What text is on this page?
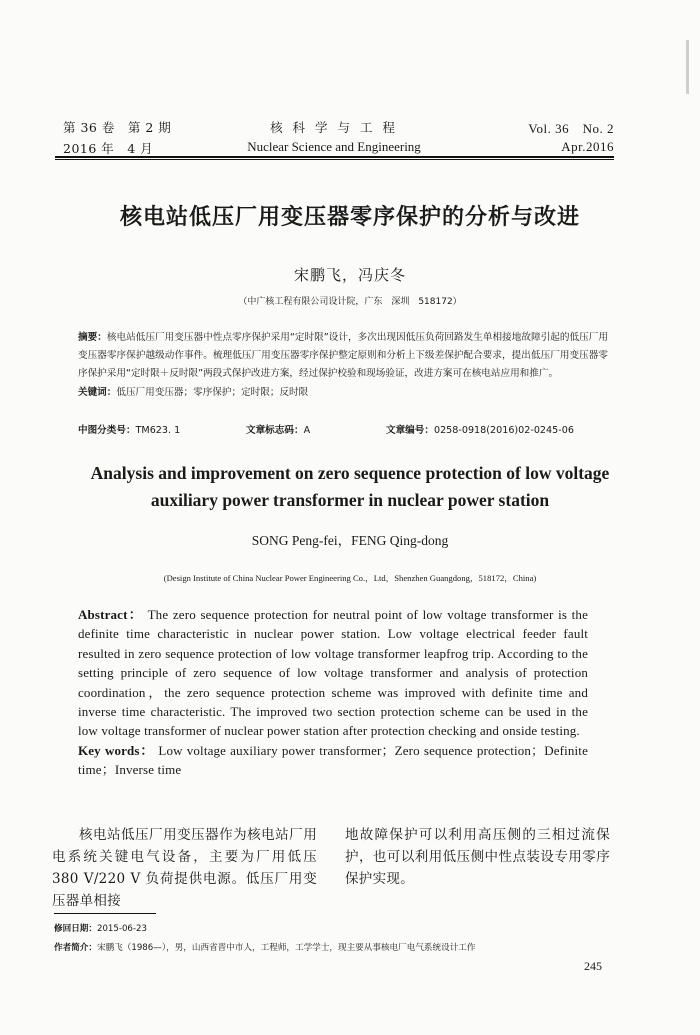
第 36 卷　第 2 期
2016 年　4 月
核 科 学 与 工 程
Nuclear Science and Engineering
Vol. 36　No. 2
Apr.2016
核电站低压厂用变压器零序保护的分析与改进
宋鹏飞，冯庆冬
（中广核工程有限公司设计院，广东　深圳　518172）
摘要：核电站低压厂用变压器中性点零序保护采用“定时限”设计，多次出现因低压负荷回路发生单相接地故障引起的低压厂用变压器零序保护越级动作事件。梳理低压厂用变压器零序保护整定原则和分析上下级差保护配合要求，提出低压厂用变压器零序保护采用“定时限＋反时限”两段式保护改进方案，经过保护校验和现场验证，改进方案可在核电站应用和推广。
关键词：低压厂用变压器；零序保护；定时限；反时限
中图分类号：TM623. 1	文章标志码：A	文章编号：0258-0918(2016)02-0245-06
Analysis and improvement on zero sequence protection of low voltage auxiliary power transformer in nuclear power station
SONG Peng-fei，FENG Qing-dong
(Design Institute of China Nuclear Power Engineering Co.，Ltd，Shenzhen Guangdong，518172，China)

Abstract： The zero sequence protection for neutral point of low voltage transformer is the definite time characteristic in nuclear power station. Low voltage electrical feeder fault resulted in zero sequence protection of low voltage transformer leapfrog trip. According to the setting principle of zero sequence of low voltage transformer and analysis of protection coordination，the zero sequence protection scheme was improved with definite time and inverse time characteristic. The improved two section protection scheme can be used in the low voltage transformer of nuclear power station after protection checking and onside testing.

Key words： Low voltage auxiliary power transformer；Zero sequence protection；Definite time；Inverse time

核电站低压厂用变压器作为核电站厂用电系统关键电气设备，主要为厂用低压 380 V/220 V 负荷提供电源。低压厂用变压器单相接
地故障保护可以利用高压侧的三相过流保护，也可以利用低压侧中性点装设专用零序保护实现。
修回日期：2015-06-23
作者简介：宋鹏飞（1986—），男，山西省晋中市人，工程师，工学学士，现主要从事核电厂电气系统设计工作
245
